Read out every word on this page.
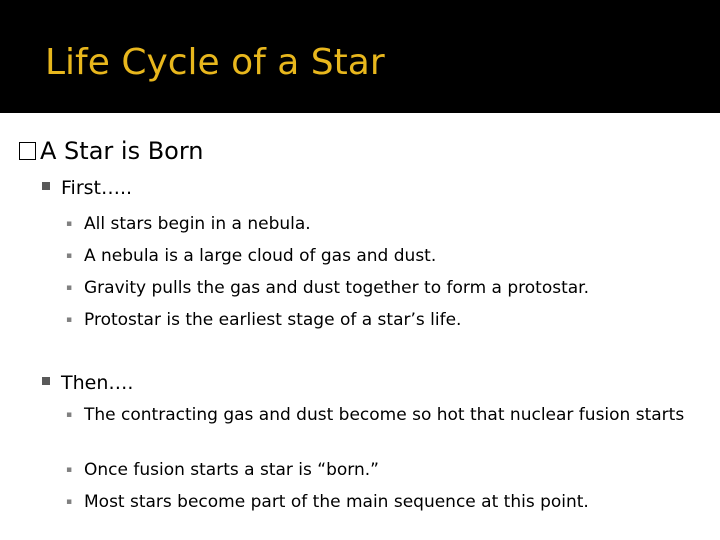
Life Cycle of a Star
A Star is Born
First…..
▪ All stars begin in a nebula.
▪ A nebula is a large cloud of gas and dust.
▪ Gravity pulls the gas and dust together to form a protostar.
▪ Protostar is the earliest stage of a star’s life.
Then….
▪ The contracting gas and dust become so hot that nuclear fusion starts
▪ Once fusion starts a star is “born.”
▪ Most stars become part of the main sequence at this point.
